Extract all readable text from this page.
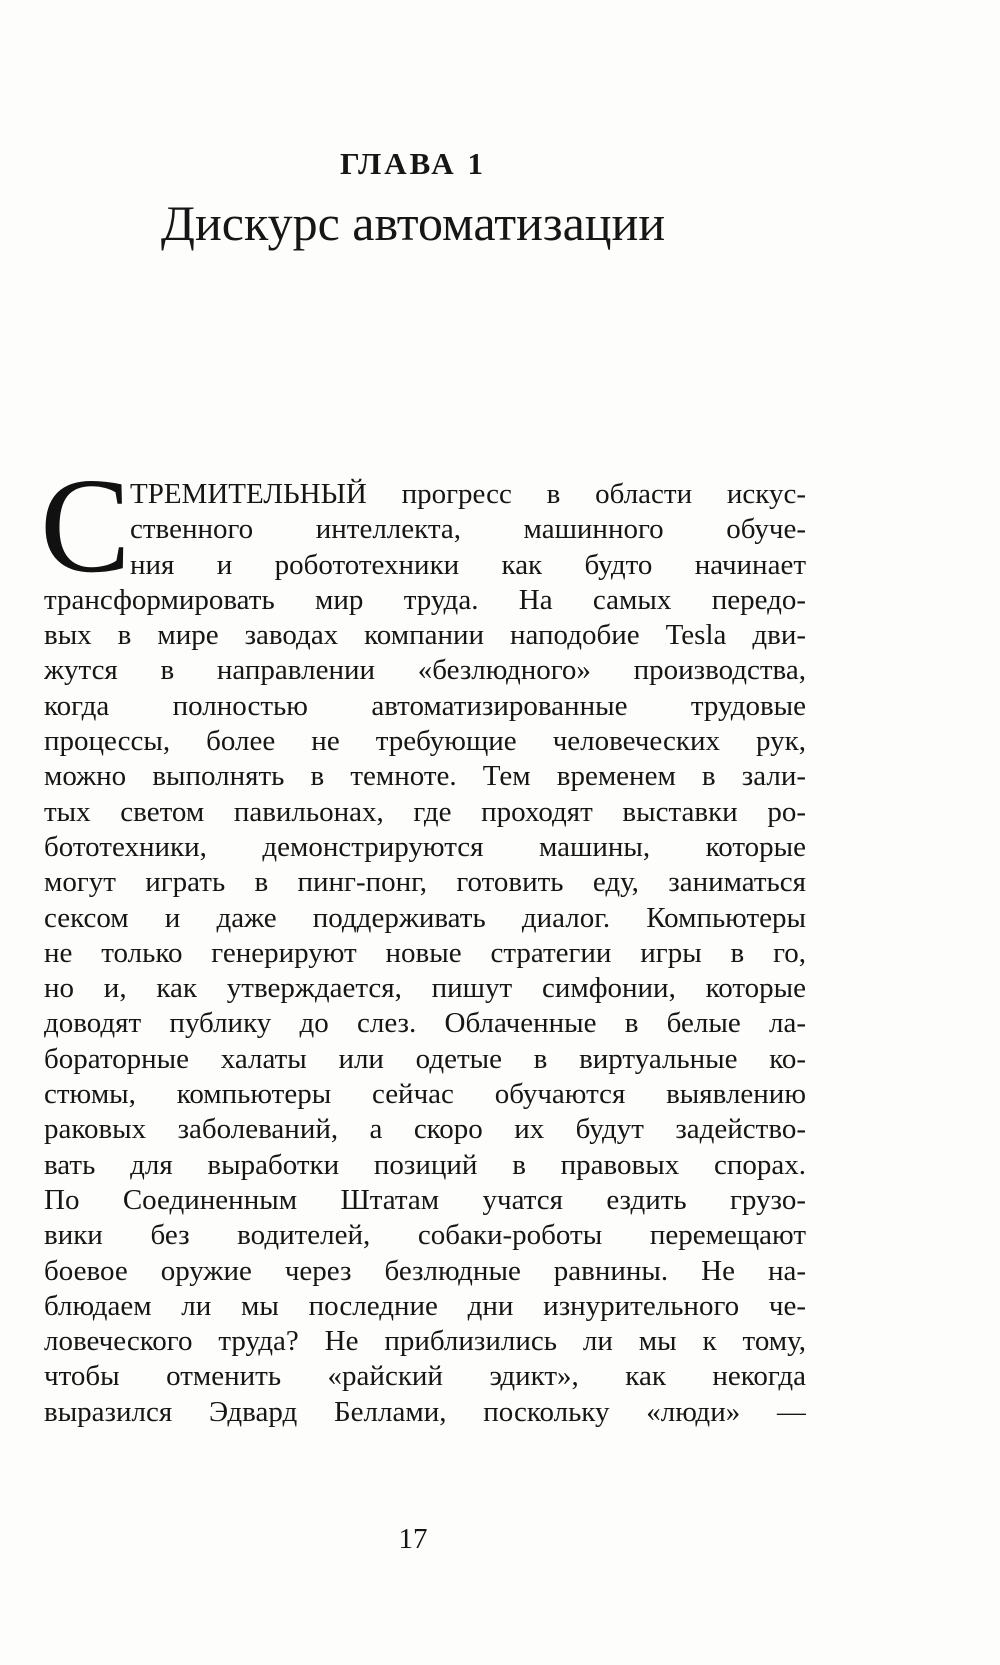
ГЛАВА 1
Дискурс автоматизации
С ТРЕМИТЕЛЬНЫЙ прогресс в области искус-
ственного интеллекта, машинного обуче-
ния и робототехники как будто начинает
трансформировать мир труда. На самых передо-
вых в мире заводах компании наподобие Tesla дви-
жутся в направлении «безлюдного» производства,
когда полностью автоматизированные трудовые
процессы, более не требующие человеческих рук,
можно выполнять в темноте. Тем временем в зали-
тых светом павильонах, где проходят выставки ро-
бототехники, демонстрируются машины, которые
могут играть в пинг-понг, готовить еду, заниматься
сексом и даже поддерживать диалог. Компьютеры
не только генерируют новые стратегии игры в го,
но и, как утверждается, пишут симфонии, которые
доводят публику до слез. Облаченные в белые ла-
бораторные халаты или одетые в виртуальные ко-
стюмы, компьютеры сейчас обучаются выявлению
раковых заболеваний, а скоро их будут задейство-
вать для выработки позиций в правовых спорах.
По Соединенным Штатам учатся ездить грузо-
вики без водителей, собаки-роботы перемещают
боевое оружие через безлюдные равнины. Не на-
блюдаем ли мы последние дни изнурительного че-
ловеческого труда? Не приблизились ли мы к тому,
чтобы отменить «райский эдикт», как некогда
выразился Эдвард Беллами, поскольку «люди» —
17
